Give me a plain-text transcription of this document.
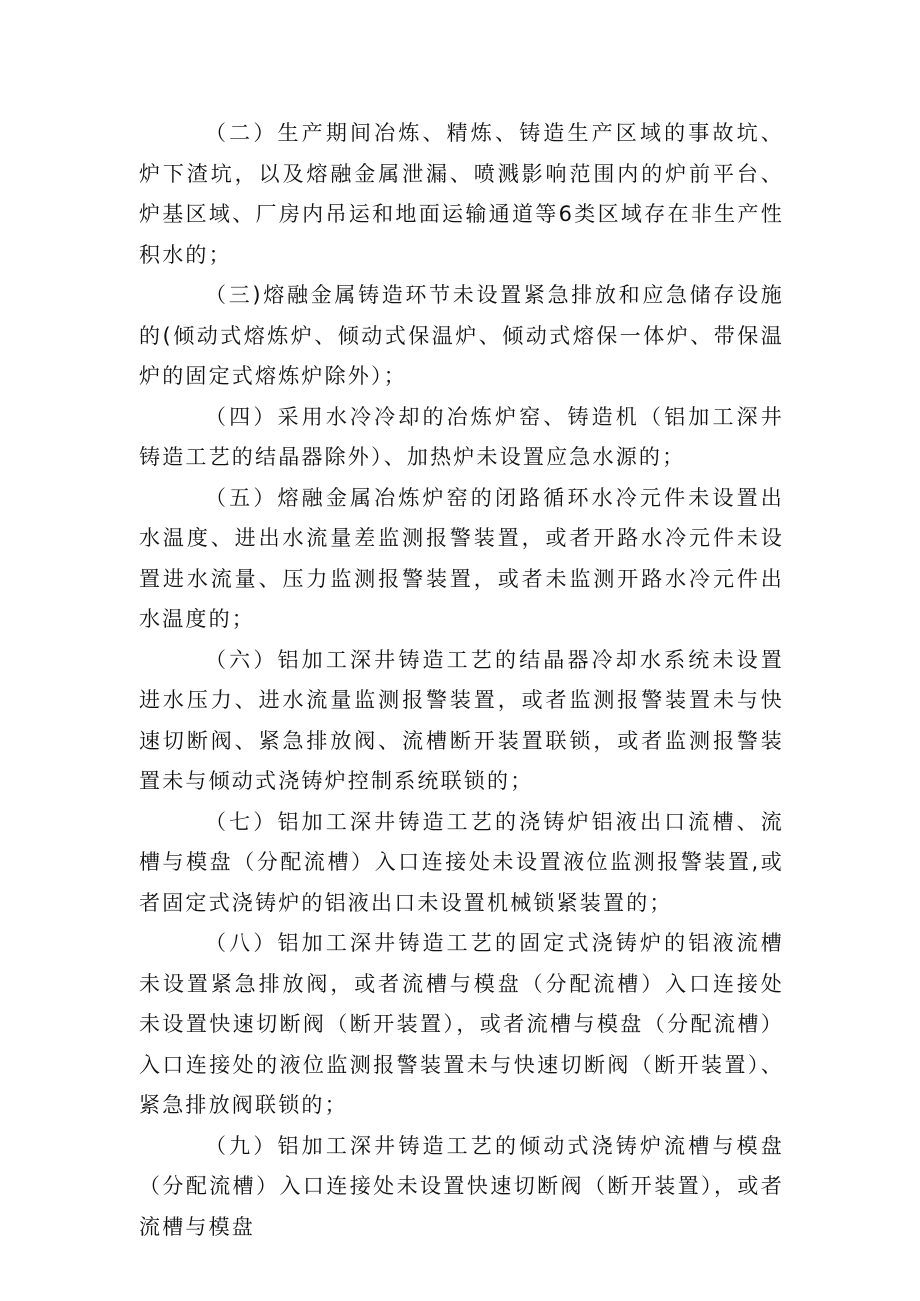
（二）生产期间冶炼、精炼、铸造生产区域的事故坑、炉下渣坑，以及熔融金属泄漏、喷溅影响范围内的炉前平台、炉基区域、厂房内吊运和地面运输通道等6类区域存在非生产性积水的；

（三)熔融金属铸造环节未设置紧急排放和应急储存设施的(倾动式熔炼炉、倾动式保温炉、倾动式熔保一体炉、带保温炉的固定式熔炼炉除外）；

（四）采用水冷冷却的冶炼炉窑、铸造机（铝加工深井铸造工艺的结晶器除外）、加热炉未设置应急水源的；

（五）熔融金属冶炼炉窑的闭路循环水冷元件未设置出水温度、进出水流量差监测报警装置，或者开路水冷元件未设置进水流量、压力监测报警装置，或者未监测开路水冷元件出水温度的；

（六）铝加工深井铸造工艺的结晶器冷却水系统未设置进水压力、进水流量监测报警装置，或者监测报警装置未与快速切断阀、紧急排放阀、流槽断开装置联锁，或者监测报警装置未与倾动式浇铸炉控制系统联锁的；

（七）铝加工深井铸造工艺的浇铸炉铝液出口流槽、流槽与模盘（分配流槽）入口连接处未设置液位监测报警装置,或者固定式浇铸炉的铝液出口未设置机械锁紧装置的；

（八）铝加工深井铸造工艺的固定式浇铸炉的铝液流槽未设置紧急排放阀，或者流槽与模盘（分配流槽）入口连接处未设置快速切断阀（断开装置），或者流槽与模盘（分配流槽）入口连接处的液位监测报警装置未与快速切断阀（断开装置）、紧急排放阀联锁的；

（九）铝加工深井铸造工艺的倾动式浇铸炉流槽与模盘（分配流槽）入口连接处未设置快速切断阀（断开装置），或者流槽与模盘
